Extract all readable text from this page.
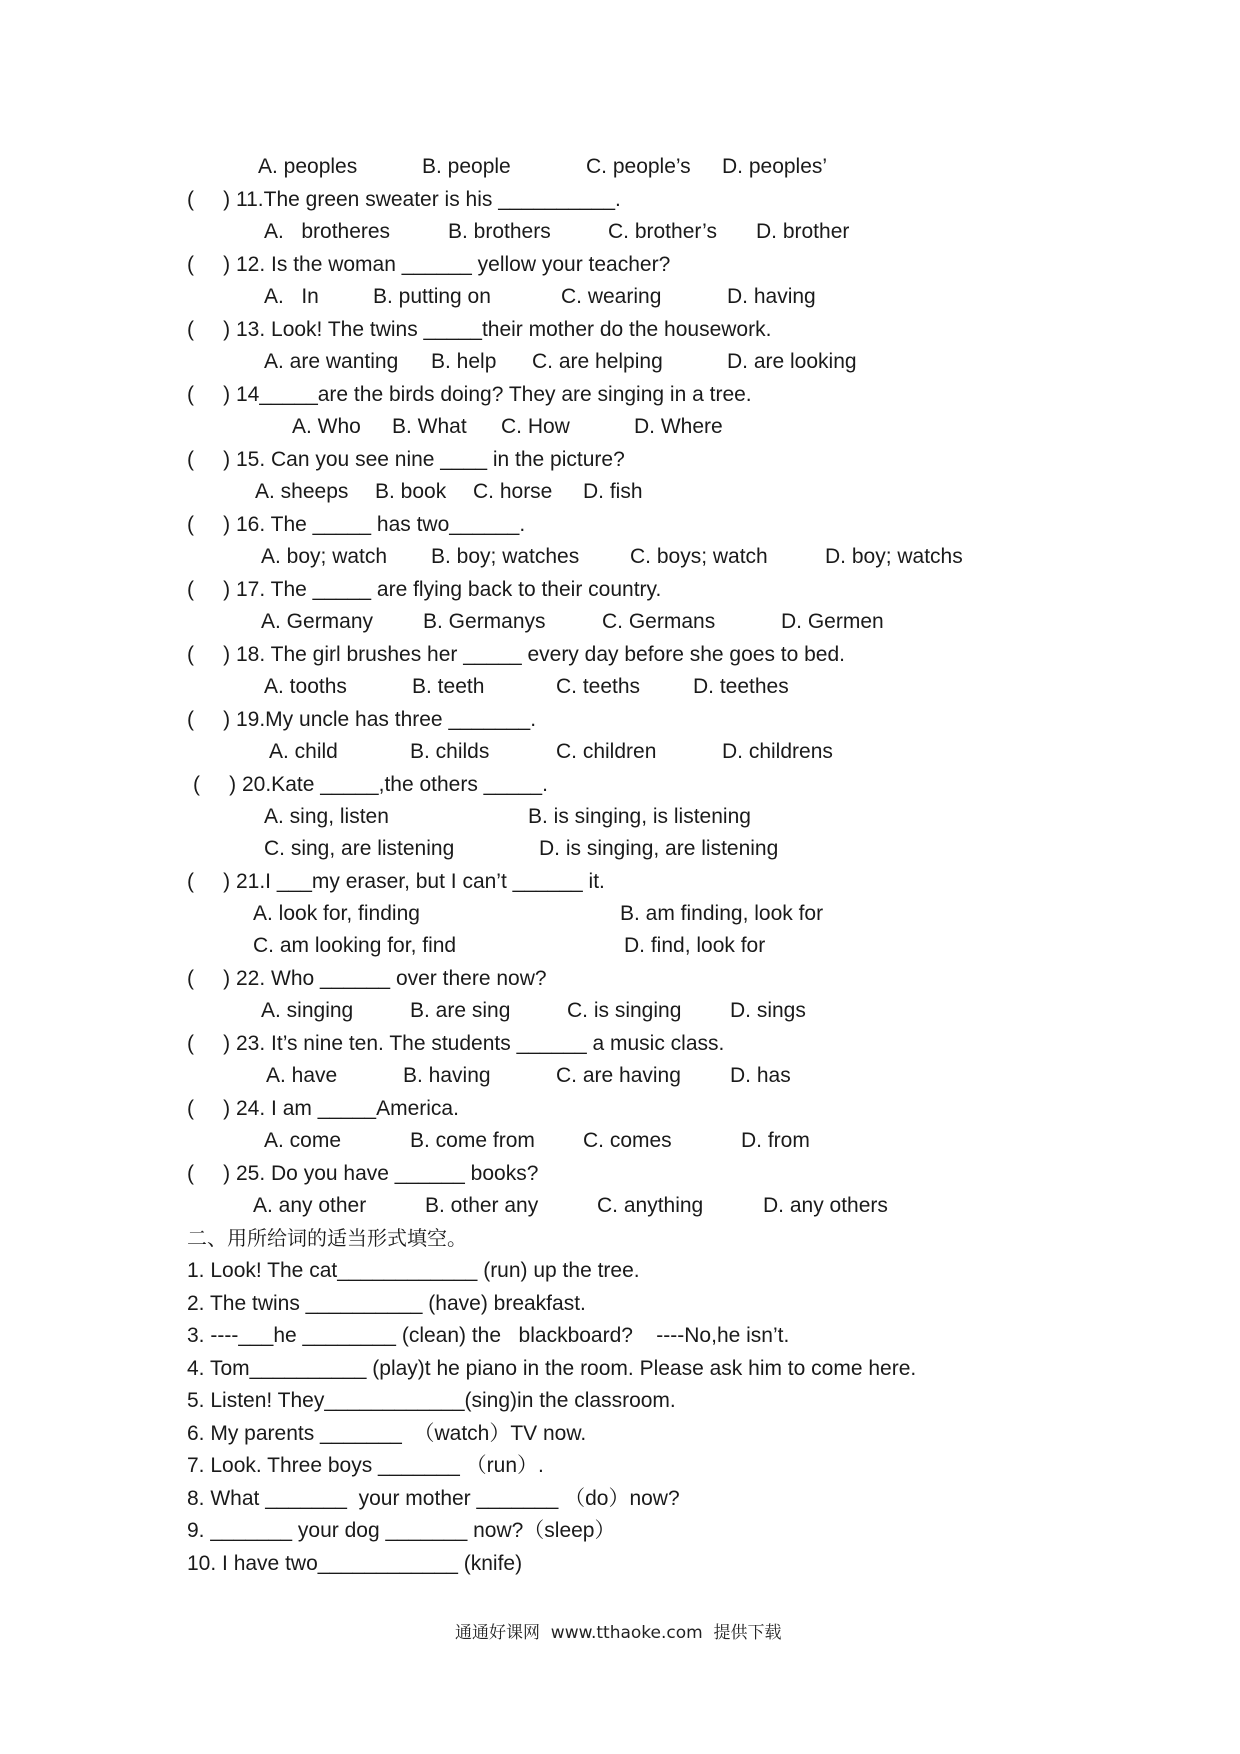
A. peoples	B. people	C. people’s D. peoples’
(     ) 11.The green sweater is his __________.
A.   brotheres	B. brothers	C. brother’s D. brother
(     ) 12. Is the woman ______ yellow your teacher?
A.   In	B. putting on	C. wearing	D. having
(     ) 13. Look! The twins _____their mother do the housework.
A. are wanting B. help C. are helping	D. are looking
(     ) 14_____are the birds doing? They are singing in a tree.
A. Who B. What C. How	D. Where
(     ) 15. Can you see nine ____ in the picture?
A. sheeps B. book C. horse D. fish
(     ) 16. The _____ has two______.
A. boy; watch B. boy; watches C. boys; watch	D. boy; watchs
(     ) 17. The _____ are flying back to their country.
A. Germany B. Germanys	C. Germans	D. Germen
(     ) 18. The girl brushes her _____ every day before she goes to bed.
A. tooths	B. teeth	C. teeths	D. teethes
(     ) 19.My uncle has three _______.
A. child	B. childs	C. children	D. childrens
(     ) 20.Kate _____,the others _____.
A. sing, listen	B. is singing, is listening
C. sing, are listening	D. is singing, are listening
(     ) 21.I ___my eraser, but I can’t ______ it.
A. look for, finding	B. am finding, look for
C. am looking for, find	D. find, look for
(     ) 22. Who ______ over there now?
A. singing	B. are sing	C. is singing D. sings
(     ) 23. It’s nine ten. The students ______ a music class.
A. have	B. having	C. are having D. has
(     ) 24. I am _____America.
A. come	B. come from C. comes	D. from
(     ) 25. Do you have ______ books?
A. any other	B. other any	C. anything	D. any others
二、用所给词的适当形式填空。
1. Look! The cat____________ (run) up the tree.
2. The twins __________ (have) breakfast.
3. ----___he ________ (clean) the   blackboard?    ----No,he isn’t.
4. Tom__________ (play)t he piano in the room. Please ask him to come here.
5. Listen! They____________(sing)in the classroom.
6. My parents _______  （watch）TV now.
7. Look. Three boys _______ （run）.
8. What _______  your mother _______ （do）now?
9. _______ your dog _______ now?（sleep）
10. I have two____________ (knife)
通通好课网  www.tthaoke.com  提供下载
